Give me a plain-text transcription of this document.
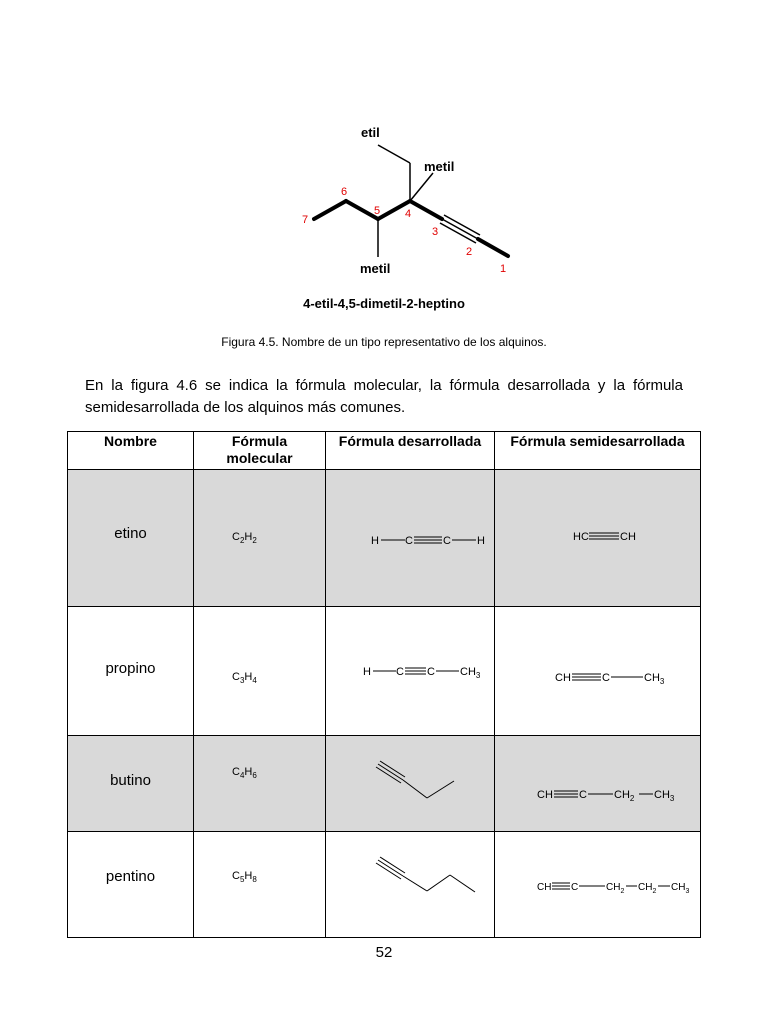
etil
metil
metil
7
6
5 4
3
2
1
4-etil-4,5-dimetil-2-heptino
Figura 4.5. Nombre de un tipo representativo de los alquinos.
En la figura 4.6 se indica la fórmula molecular, la fórmula desarrollada y la fórmula semidesarrollada de los alquinos más comunes.
Nombre	Fórmula molecular	Fórmula desarrollada	Fórmula semidesarrollada
etino	$C_2H_2$	H C C H	HC CH

propino	$C_3H_4$	H C C $CH_3$	CH C $CH_3$

butino	$C_4H_6$		CH C $CH_2$ $CH_3$

pentino	$C_5H_8$		CH C $CH_2$ $CH_2$ $CH_3$
52
